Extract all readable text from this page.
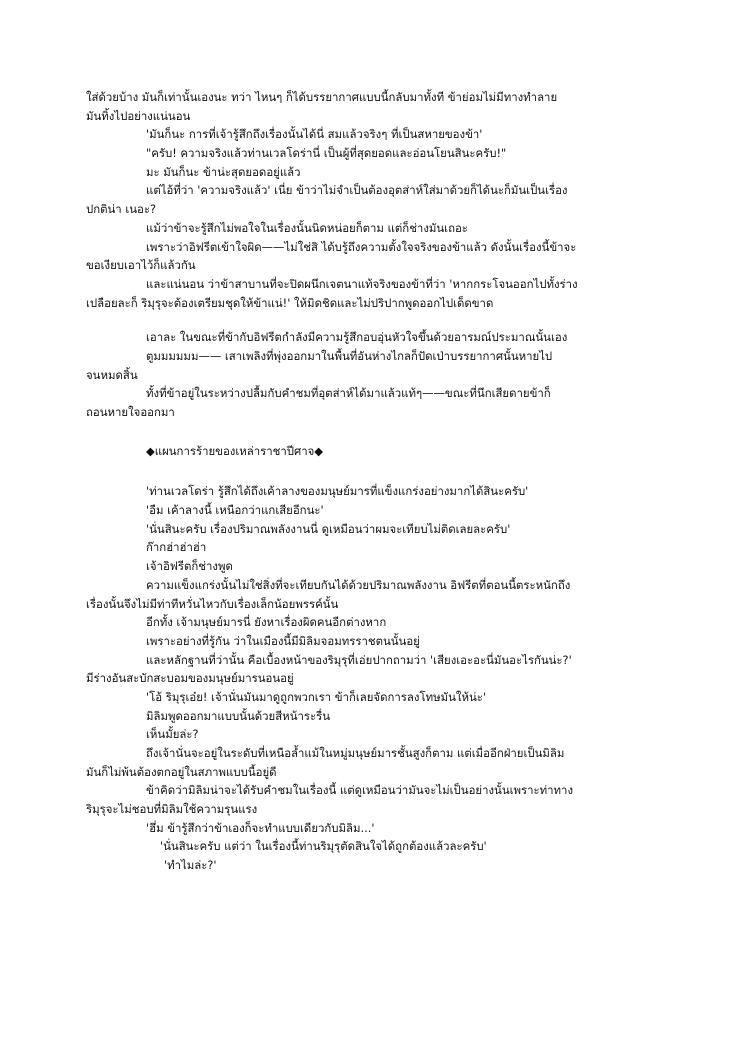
ใส่ด้วยบ้าง มันก็เท่านั้นเองนะ ทว่า ไหนๆ ก็ได้บรรยากาศแบบนี้กลับมาทั้งที ข้าย่อมไม่มีทางทำลาย
มันทิ้งไปอย่างแน่นอน
'มันก็นะ การที่เจ้ารู้สึกถึงเรื่องนั้นได้นี่ สมแล้วจริงๆ ที่เป็นสหายของข้า'
"ครับ! ความจริงแล้วท่านเวลโดร่านี่ เป็นผู้ที่สุดยอดและอ่อนโยนสินะครับ!"
มะ มันก็นะ ข้าน่ะสุดยอดอยู่แล้ว
แต่ไอ้ที่ว่า 'ความจริงแล้ว' เนี่ย ข้าว่าไม่จำเป็นต้องอุตส่าห์ใส่มาด้วยก็ได้นะก็มันเป็นเรื่อง
ปกติน่า เนอะ?
แม้ว่าข้าจะรู้สึกไม่พอใจในเรื่องนั้นนิดหน่อยก็ตาม แต่ก็ช่างมันเถอะ
เพราะว่าอิฟรีตเข้าใจผิด——ไม่ใช่สิ ได้บรู้ถึงความตั้งใจจริงของข้าแล้ว ดังนั้นเรื่องนี้ข้าจะ
ขอเงียบเอาไว้ก็แล้วกัน
และแน่นอน ว่าข้าสาบานที่จะปิดผนึกเจตนาแท้จริงของข้าที่ว่า 'หากกระโจนออกไปทั้งร่าง
เปลือยละก็ ริมุรุจะต้องเตรียมชุดให้ข้าแน่!' ให้มิดชิดและไม่ปริปากพูดออกไปเด็ดขาด
เอาละ ในขณะที่ข้ากับอิฟรีตกำลังมีความรู้สึกอบอุ่นหัวใจขึ้นด้วยอารมณ์ประมาณนั้นเอง
ตูมมมมมม—— เสาเพลิงที่พุ่งออกมาในพื้นที่อันห่างไกลก็ปัดเป่าบรรยากาศนั้นหายไป
จนหมดสิ้น
ทั้งที่ข้าอยู่ในระหว่างปลื้มกับคำชมที่อุตส่าห์ได้มาแล้วแท้ๆ——ขณะที่นึกเสียดายข้าก็
ถอนหายใจออกมา
◆แผนการร้ายของเหล่าราชาปีศาจ◆
'ท่านเวลโดร่า รู้สึกได้ถึงเค้าลางของมนุษย์มารที่แข็งแกร่งอย่างมากได้สินะครับ'
'อืม เค้าลางนี้ เหนือกว่าแกเสียอีกนะ'
'นั่นสินะครับ เรื่องปริมาณพลังงานนี่ ดูเหมือนว่าผมจะเทียบไม่ติดเลยละครับ'
ก๊ากฮ่าฮ่าฮ่า
เจ้าอิฟรีตก็ช่างพูด
ความแข็งแกร่งนั้นไม่ใช่สิ่งที่จะเทียบกันได้ด้วยปริมาณพลังงาน อิฟรีตที่ตอนนี้ตระหนักถึง
เรื่องนั้นจึงไม่มีท่าทีหวั่นไหวกับเรื่องเล็กน้อยพรรค์นั้น
อีกทั้ง เจ้ามนุษย์มารนี่ ยังหาเรื่องผิดคนอีกต่างหาก
เพราะอย่างที่รู้กัน ว่าในเมืองนี้มีมิลิมจอมทรราชตนนั้นอยู่
และหลักฐานที่ว่านั้น คือเบื้องหน้าของริมุรุที่เอ่ยปากถามว่า 'เสียงเอะอะนี่มันอะไรกันน่ะ?'
มีร่างอันสะบักสะบอมของมนุษย์มารนอนอยู่
'โอ้ ริมุรุเอ๋ย! เจ้านั่นมันมาดูถูกพวกเรา ข้าก็เลยจัดการลงโทษมันให้น่ะ'
มิลิมพูดออกมาแบบนั้นด้วยสีหน้าระรื่น
เห็นมั้ยล่ะ?
ถึงเจ้านั่นจะอยู่ในระดับที่เหนือล้ำแม้ในหมู่มนุษย์มารชั้นสูงก็ตาม แต่เมื่ออีกฝ่ายเป็นมิลิม
มันก็ไม่พ้นต้องตกอยู่ในสภาพแบบนี้อยู่ดี
ข้าคิดว่ามิลิมน่าจะได้รับคำชมในเรื่องนี้ แต่ดูเหมือนว่ามันจะไม่เป็นอย่างนั้นเพราะท่าทาง
ริมุรุจะไม่ชอบที่มิลิมใช้ความรุนแรง
'ฮึ่ม ข้ารู้สึกว่าข้าเองก็จะทำแบบเดียวกับมิลิม...'
'นั่นสินะครับ แต่ว่า ในเรื่องนี้ท่านริมุรุตัดสินใจได้ถูกต้องแล้วละครับ'
'ทำไมล่ะ?'
